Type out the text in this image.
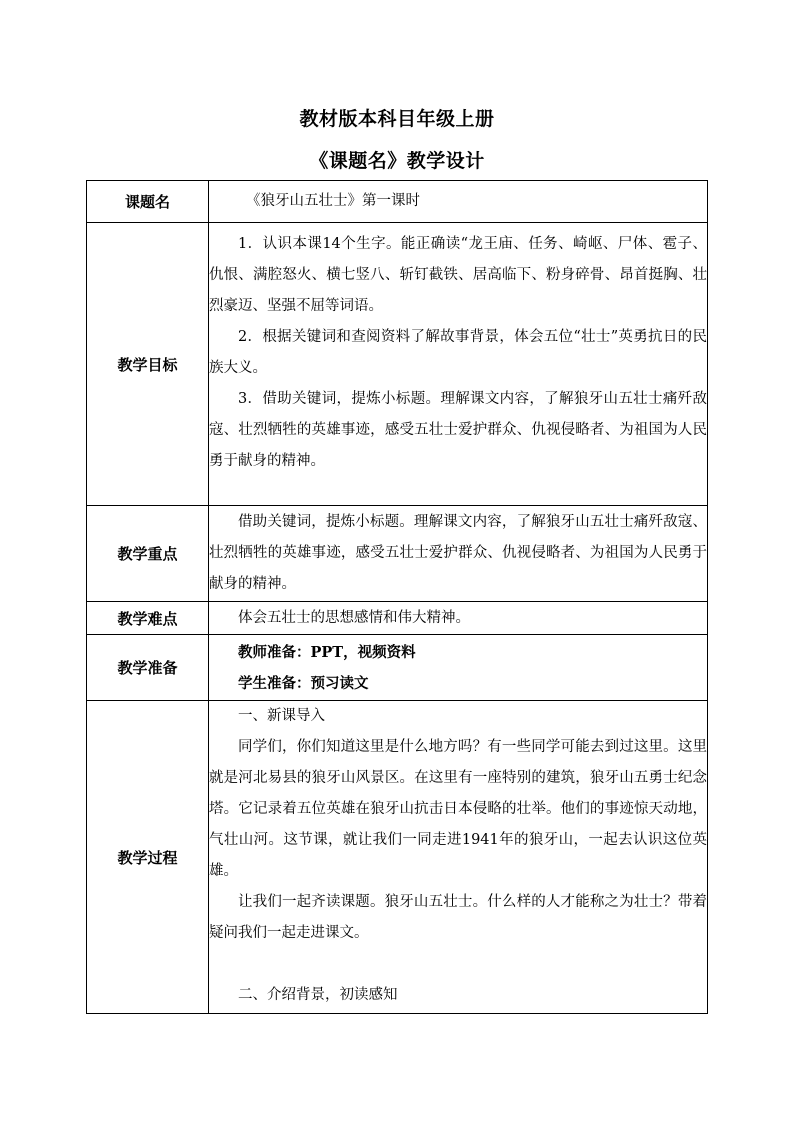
教材版本科目年级上册
《课题名》教学设计
课题名	《狼牙山五壮士》第一课时

教学目标	1．认识本课14个生字。能正确读“龙王庙、任务、崎岖、尸体、雹子、仇恨、满腔怒火、横七竖八、斩钉截铁、居高临下、粉身碎骨、昂首挺胸、壮烈豪迈、坚强不屈等词语。
2．根据关键词和查阅资料了解故事背景，体会五位“壮士”英勇抗日的民族大义。
3．借助关键词，提炼小标题。理解课文内容，了解狼牙山五壮士痛歼敌寇、壮烈牺牲的英雄事迹，感受五壮士爱护群众、仇视侵略者、为祖国为人民勇于献身的精神。

教学重点	借助关键词，提炼小标题。理解课文内容，了解狼牙山五壮士痛歼敌寇、壮烈牺牲的英雄事迹，感受五壮士爱护群众、仇视侵略者、为祖国为人民勇于献身的精神。

教学难点	体会五壮士的思想感情和伟大精神。

教学准备	教师准备：PPT，视频资料
学生准备：预习读文

教学过程	一、新课导入
同学们，你们知道这里是什么地方吗？有一些同学可能去到过这里。这里就是河北易县的狼牙山风景区。在这里有一座特别的建筑，狼牙山五勇士纪念塔。它记录着五位英雄在狼牙山抗击日本侵略的壮举。他们的事迹惊天动地，气壮山河。这节课，就让我们一同走进1941年的狼牙山，一起去认识这位英雄。
让我们一起齐读课题。狼牙山五壮士。什么样的人才能称之为壮士？带着疑问我们一起走进课文。
二、介绍背景，初读感知
